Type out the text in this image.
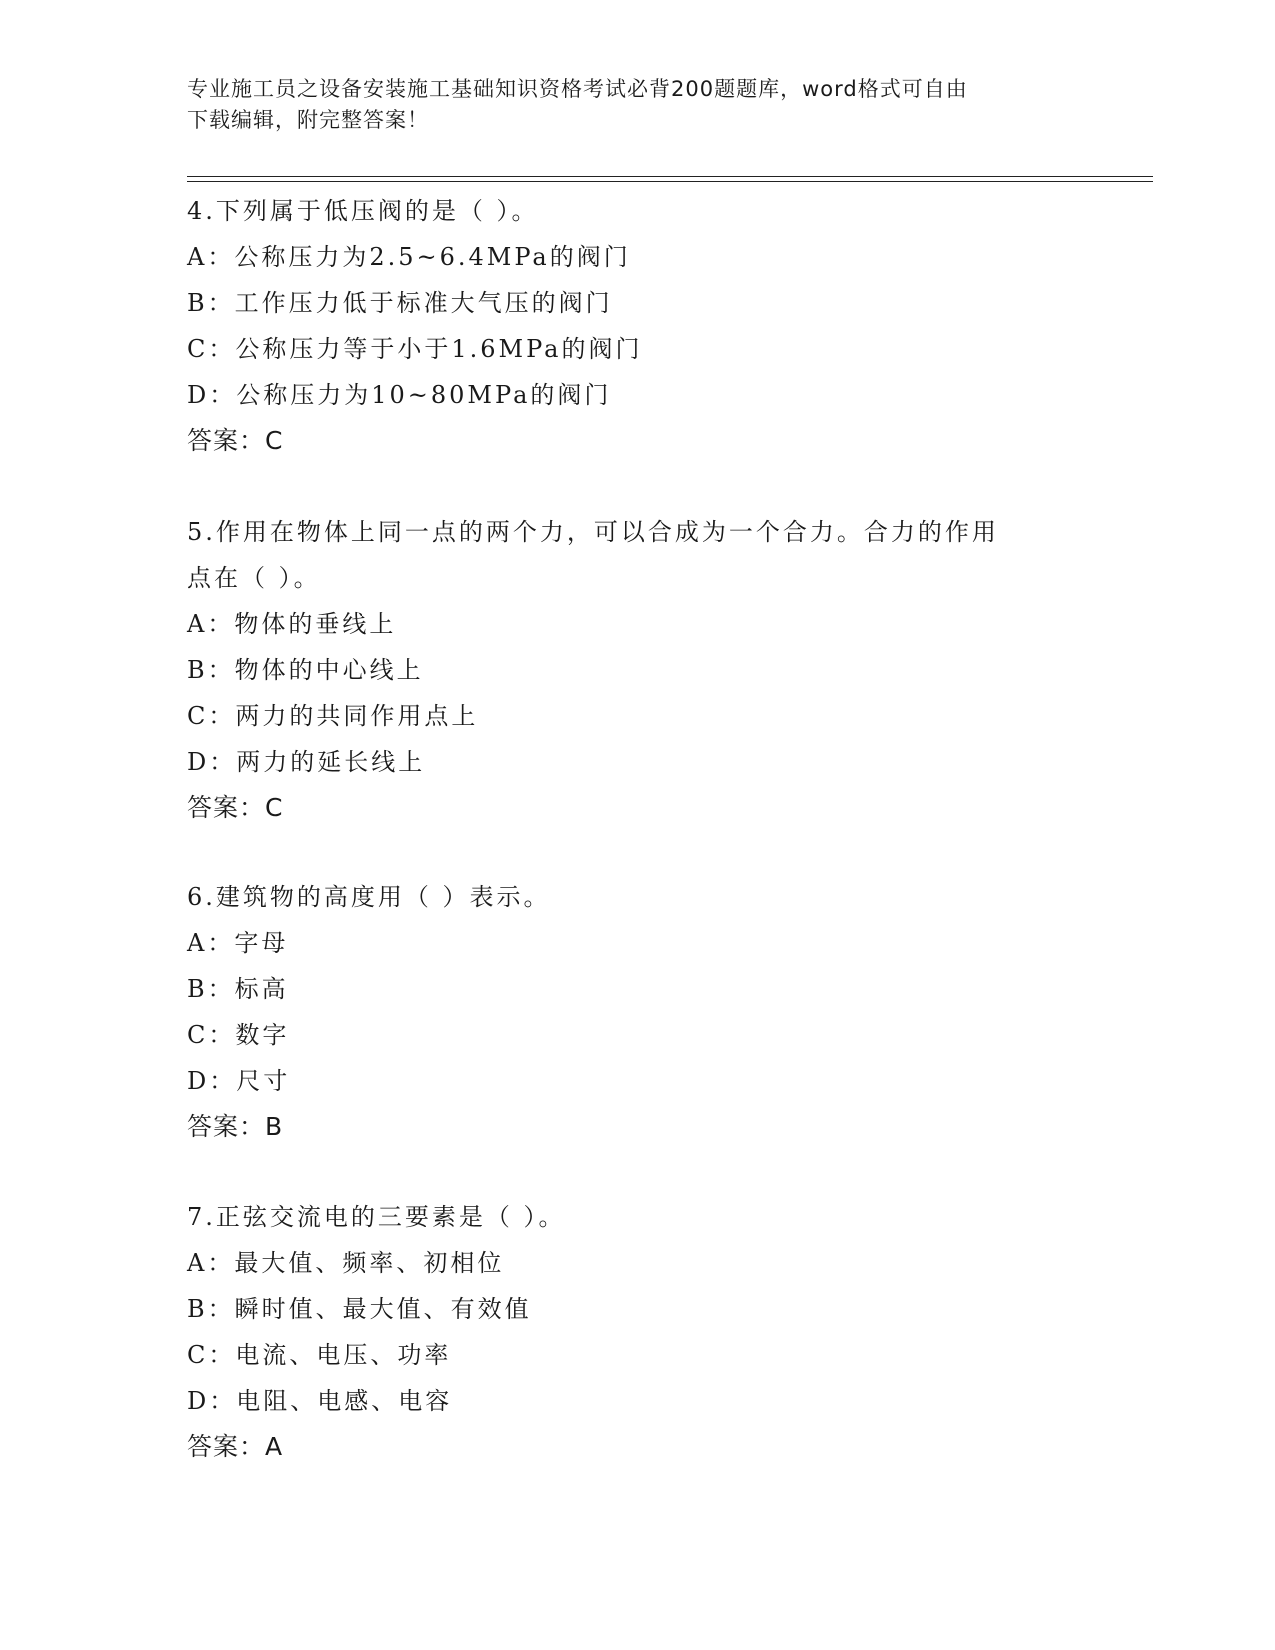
专业施工员之设备安装施工基础知识资格考试必背200题题库，word格式可自由
下载编辑，附完整答案！
4.下列属于低压阀的是（ ）。
A：公称压力为2.5~6.4MPa的阀门
B：工作压力低于标准大气压的阀门
C：公称压力等于小于1.6MPa的阀门
D：公称压力为10~80MPa的阀门
答案：C
5.作用在物体上同一点的两个力，可以合成为一个合力。合力的作用
点在（ ）。
A：物体的垂线上
B：物体的中心线上
C：两力的共同作用点上
D：两力的延长线上
答案：C
6.建筑物的高度用（ ）表示。
A：字母
B：标高
C：数字
D：尺寸
答案：B
7.正弦交流电的三要素是（ ）。
A：最大值、频率、初相位
B：瞬时值、最大值、有效值
C：电流、电压、功率
D：电阻、电感、电容
答案：A
